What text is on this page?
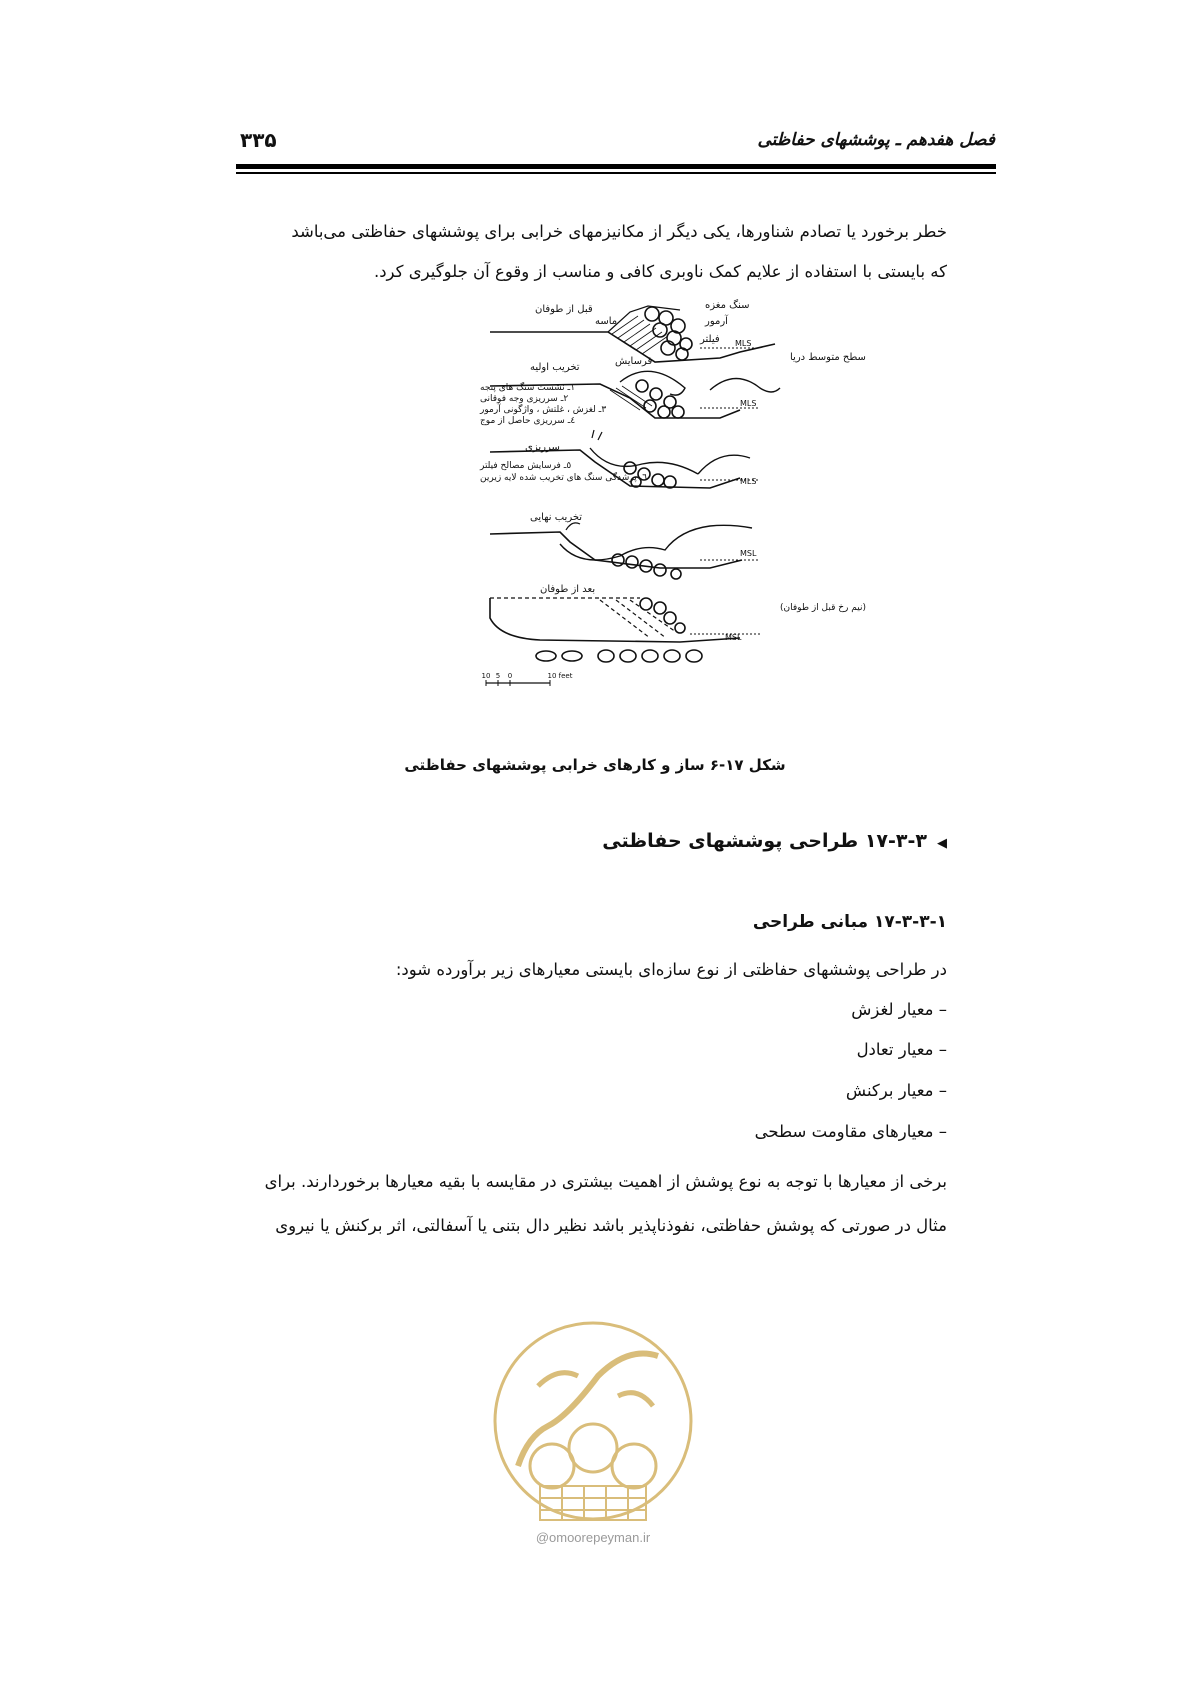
فصل هفدهم ـ پوششهای حفاظتی
۳۳۵
خطر برخورد یا تصادم شناورها، یکی دیگر از مکانیزمهای خرابی برای پوششهای حفاظتی می‌باشد
که بایستی با استفاده از علایم کمک ناوبری کافی و مناسب از وقوع آن جلوگیری کرد.
قبل از طوفان	سنگ مغزه
آرمور
ماسه
فیلتر MLS
سطح متوسط دریا
تخریب اولیه
فرسایش
MLS
۱ـ نشست سنگ های پنجه
۲ـ سرریزی وجه فوقانی
۳ـ لغزش ، غلتش ، واژگونی آرمور
٤ـ سرریزی حاصل از موج
سرریزی
MLS
٥ـ فرسایش مصالح فیلتر
٦ـ پرشدگی سنگ های تخریب شده لایه زیرین
تخریب نهایی
MSL
بعد از طوفان
(نیم رخ قبل از طوفان)
MSL
10 5 0	10 feet
شکل ۱۷-۶ ساز و کارهای خرابی پوششهای حفاظتی
◀۱۷-۳-۳ طراحی پوششهای حفاظتی
۱۷-۳-۳-۱ مبانی طراحی
در طراحی پوششهای حفاظتی از نوع سازه‌ای بایستی معیارهای زیر برآورده شود:
– معیار لغزش
– معیار تعادل
– معیار برکنش
– معیارهای مقاومت سطحی
برخی از معیارها با توجه به نوع پوشش از اهمیت بیشتری در مقایسه با بقیه معیارها برخوردارند. برای
مثال در صورتی که پوشش حفاظتی، نفوذناپذیر باشد نظیر دال بتنی یا آسفالتی، اثر برکنش یا نیروی
@omoorepeyman.ir
